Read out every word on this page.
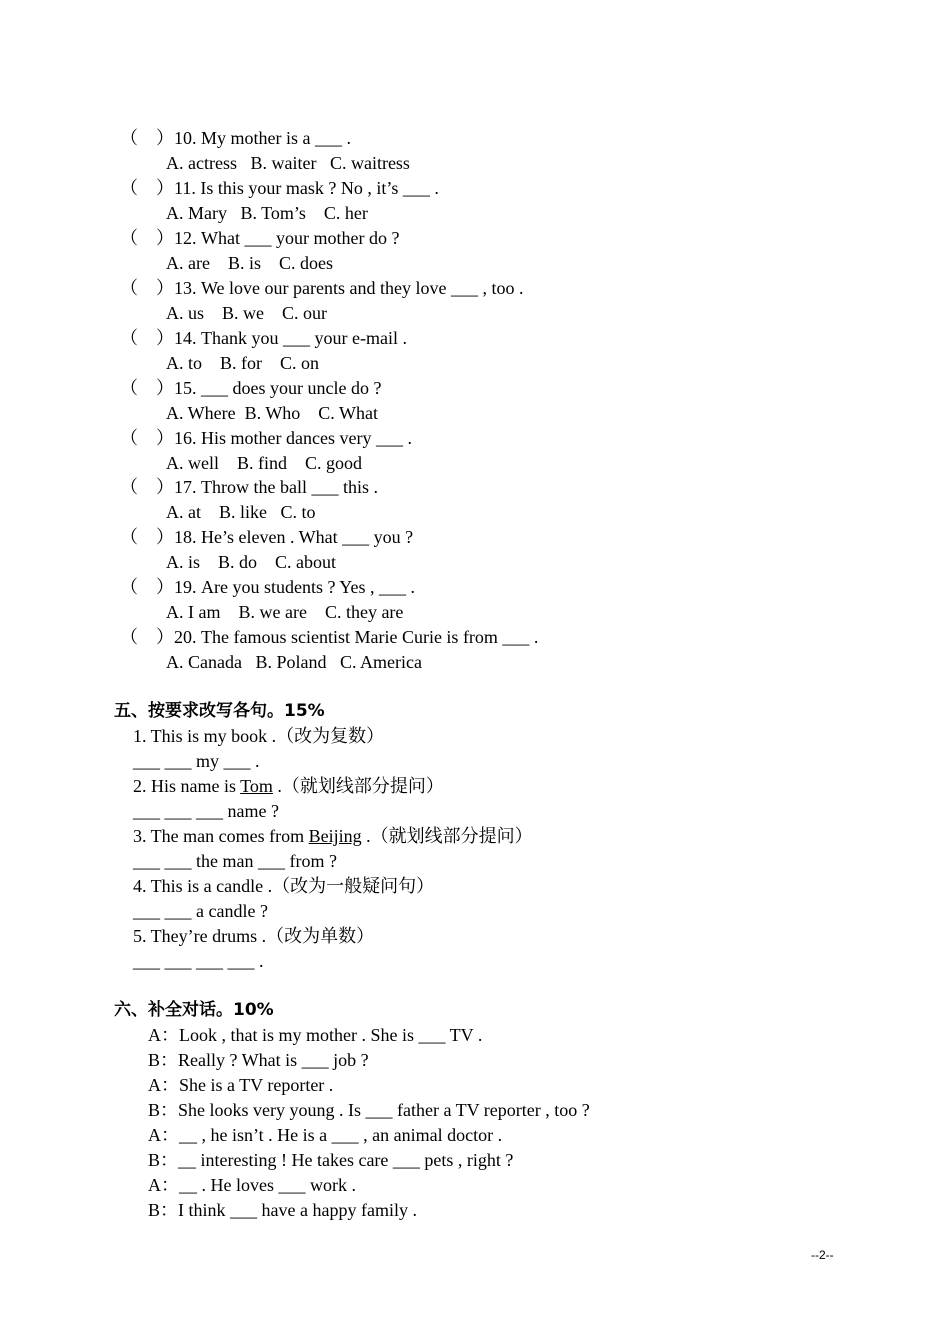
（    ）10. My mother is a ___ .
A. actress   B. waiter   C. waitress
（    ）11. Is this your mask ? No , it’s ___ .
A. Mary   B. Tom’s    C. her
（    ）12. What ___ your mother do ?
A. are    B. is    C. does
（    ）13. We love our parents and they love ___ , too .
A. us    B. we    C. our
（    ）14. Thank you ___ your e-mail .
A. to    B. for    C. on
（    ）15. ___ does your uncle do ?
A. Where  B. Who    C. What
（    ）16. His mother dances very ___ .
A. well    B. find    C. good
（    ）17. Throw the ball ___ this .
A. at    B. like   C. to
（    ）18. He’s eleven . What ___ you ?
A. is    B. do    C. about
（    ）19. Are you students ? Yes , ___ .
A. I am    B. we are    C. they are
（    ）20. The famous scientist Marie Curie is from ___ .
A. Canada   B. Poland   C. America
五、按要求改写各句。15%
1. This is my book .（改为复数）
___ ___ my ___ .
2. His name is Tom .（就划线部分提问）
___ ___ ___ name ?
3. The man comes from Beijing .（就划线部分提问）
___ ___ the man ___ from ?
4. This is a candle .（改为一般疑问句）
___ ___ a candle ?
5. They’re drums .（改为单数）
___ ___ ___ ___ .
六、补全对话。10%
A：Look , that is my mother . She is ___ TV .
B：Really ? What is ___ job ?
A：She is a TV reporter .
B：She looks very young . Is ___ father a TV reporter , too ?
A：__ , he isn’t . He is a ___ , an animal doctor .
B：__ interesting ! He takes care ___ pets , right ?
A：__ . He loves ___ work .
B：I think ___ have a happy family .
--2--
